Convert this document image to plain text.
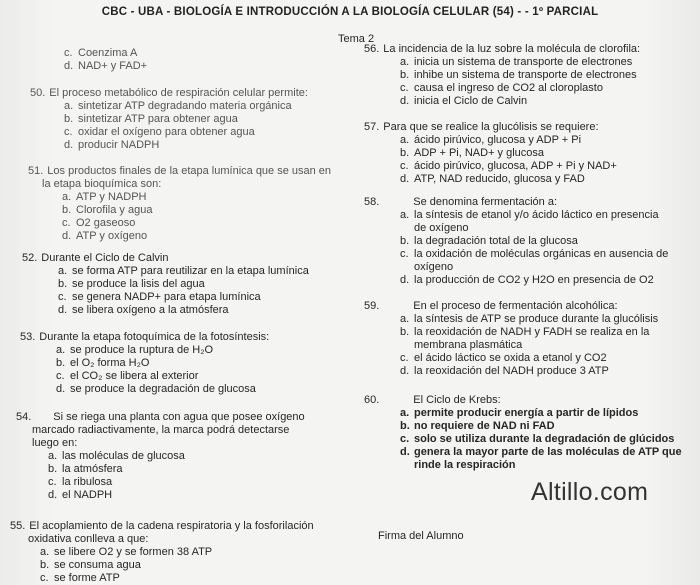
CBC - UBA - BIOLOGÍA E INTRODUCCIÓN A LA BIOLOGÍA CELULAR (54) - - 1º PARCIAL
Tema 2
c. Coenzima A
d. NAD+ y FAD+
50. El proceso metabólico de respiración celular permite:
a. sintetizar ATP degradando materia orgánica
b. sintetizar ATP para obtener agua
c. oxidar el oxígeno para obtener agua
d. producir NADPH
51. Los productos finales de la etapa lumínica que se usan en
la etapa bioquímica son:
a. ATP y NADPH
b. Clorofila y agua
c. O2 gaseoso
d. ATP y oxígeno
52. Durante el Ciclo de Calvin
a. se forma ATP para reutilizar en la etapa lumínica
b. se produce la lisis del agua
c. se genera NADP+ para etapa lumínica
d. se libera oxígeno a la atmósfera
53. Durante la etapa fotoquímica de la fotosíntesis:
a. se produce la ruptura de H₂O
b. el O₂ forma H₂O
c. el CO₂ se libera al exterior
d. se produce la degradación de glucosa
54. Si se riega una planta con agua que posee oxígeno
marcado radiactivamente, la marca podrá detectarse
luego en:
a. las moléculas de glucosa
b. la atmósfera
c. la ribulosa
d. el NADPH
55. El acoplamiento de la cadena respiratoria y la fosforilación
oxidativa conlleva a que:
a. se libere O2 y se formen 38 ATP
b. se consuma agua
c. se forme ATP
56. La incidencia de la luz sobre la molécula de clorofila:
a. inicia un sistema de transporte de electrones
b. inhibe un sistema de transporte de electrones
c. causa el ingreso de CO2 al cloroplasto
d. inicia el Ciclo de Calvin
57. Para que se realice la glucólisis se requiere:
a. ácido pirúvico, glucosa y ADP + Pi
b. ADP + Pi, NAD+ y glucosa
c. ácido pirúvico, glucosa, ADP + Pi y NAD+
d. ATP, NAD reducido, glucosa y FAD
58.	Se denomina fermentación a:
a. la síntesis de etanol y/o ácido láctico en presencia
de oxígeno
b. la degradación total de la glucosa
c. la oxidación de moléculas orgánicas en ausencia de
oxígeno
d. la producción de CO2 y H2O en presencia de O2
59.	En el proceso de fermentación alcohólica:
a. la síntesis de ATP se produce durante la glucólisis
b. la reoxidación de NADH y FADH se realiza en la
membrana plasmática
c. el ácido láctico se oxida a etanol y CO2
d. la reoxidación del NADH produce 3 ATP
60.	El Ciclo de Krebs:
a. permite producir energía a partir de lípidos
b. no requiere de NAD ni FAD
c. solo se utiliza durante la degradación de glúcidos
d. genera la mayor parte de las moléculas de ATP que
rinde la respiración
Altillo.com
Firma del Alumno
